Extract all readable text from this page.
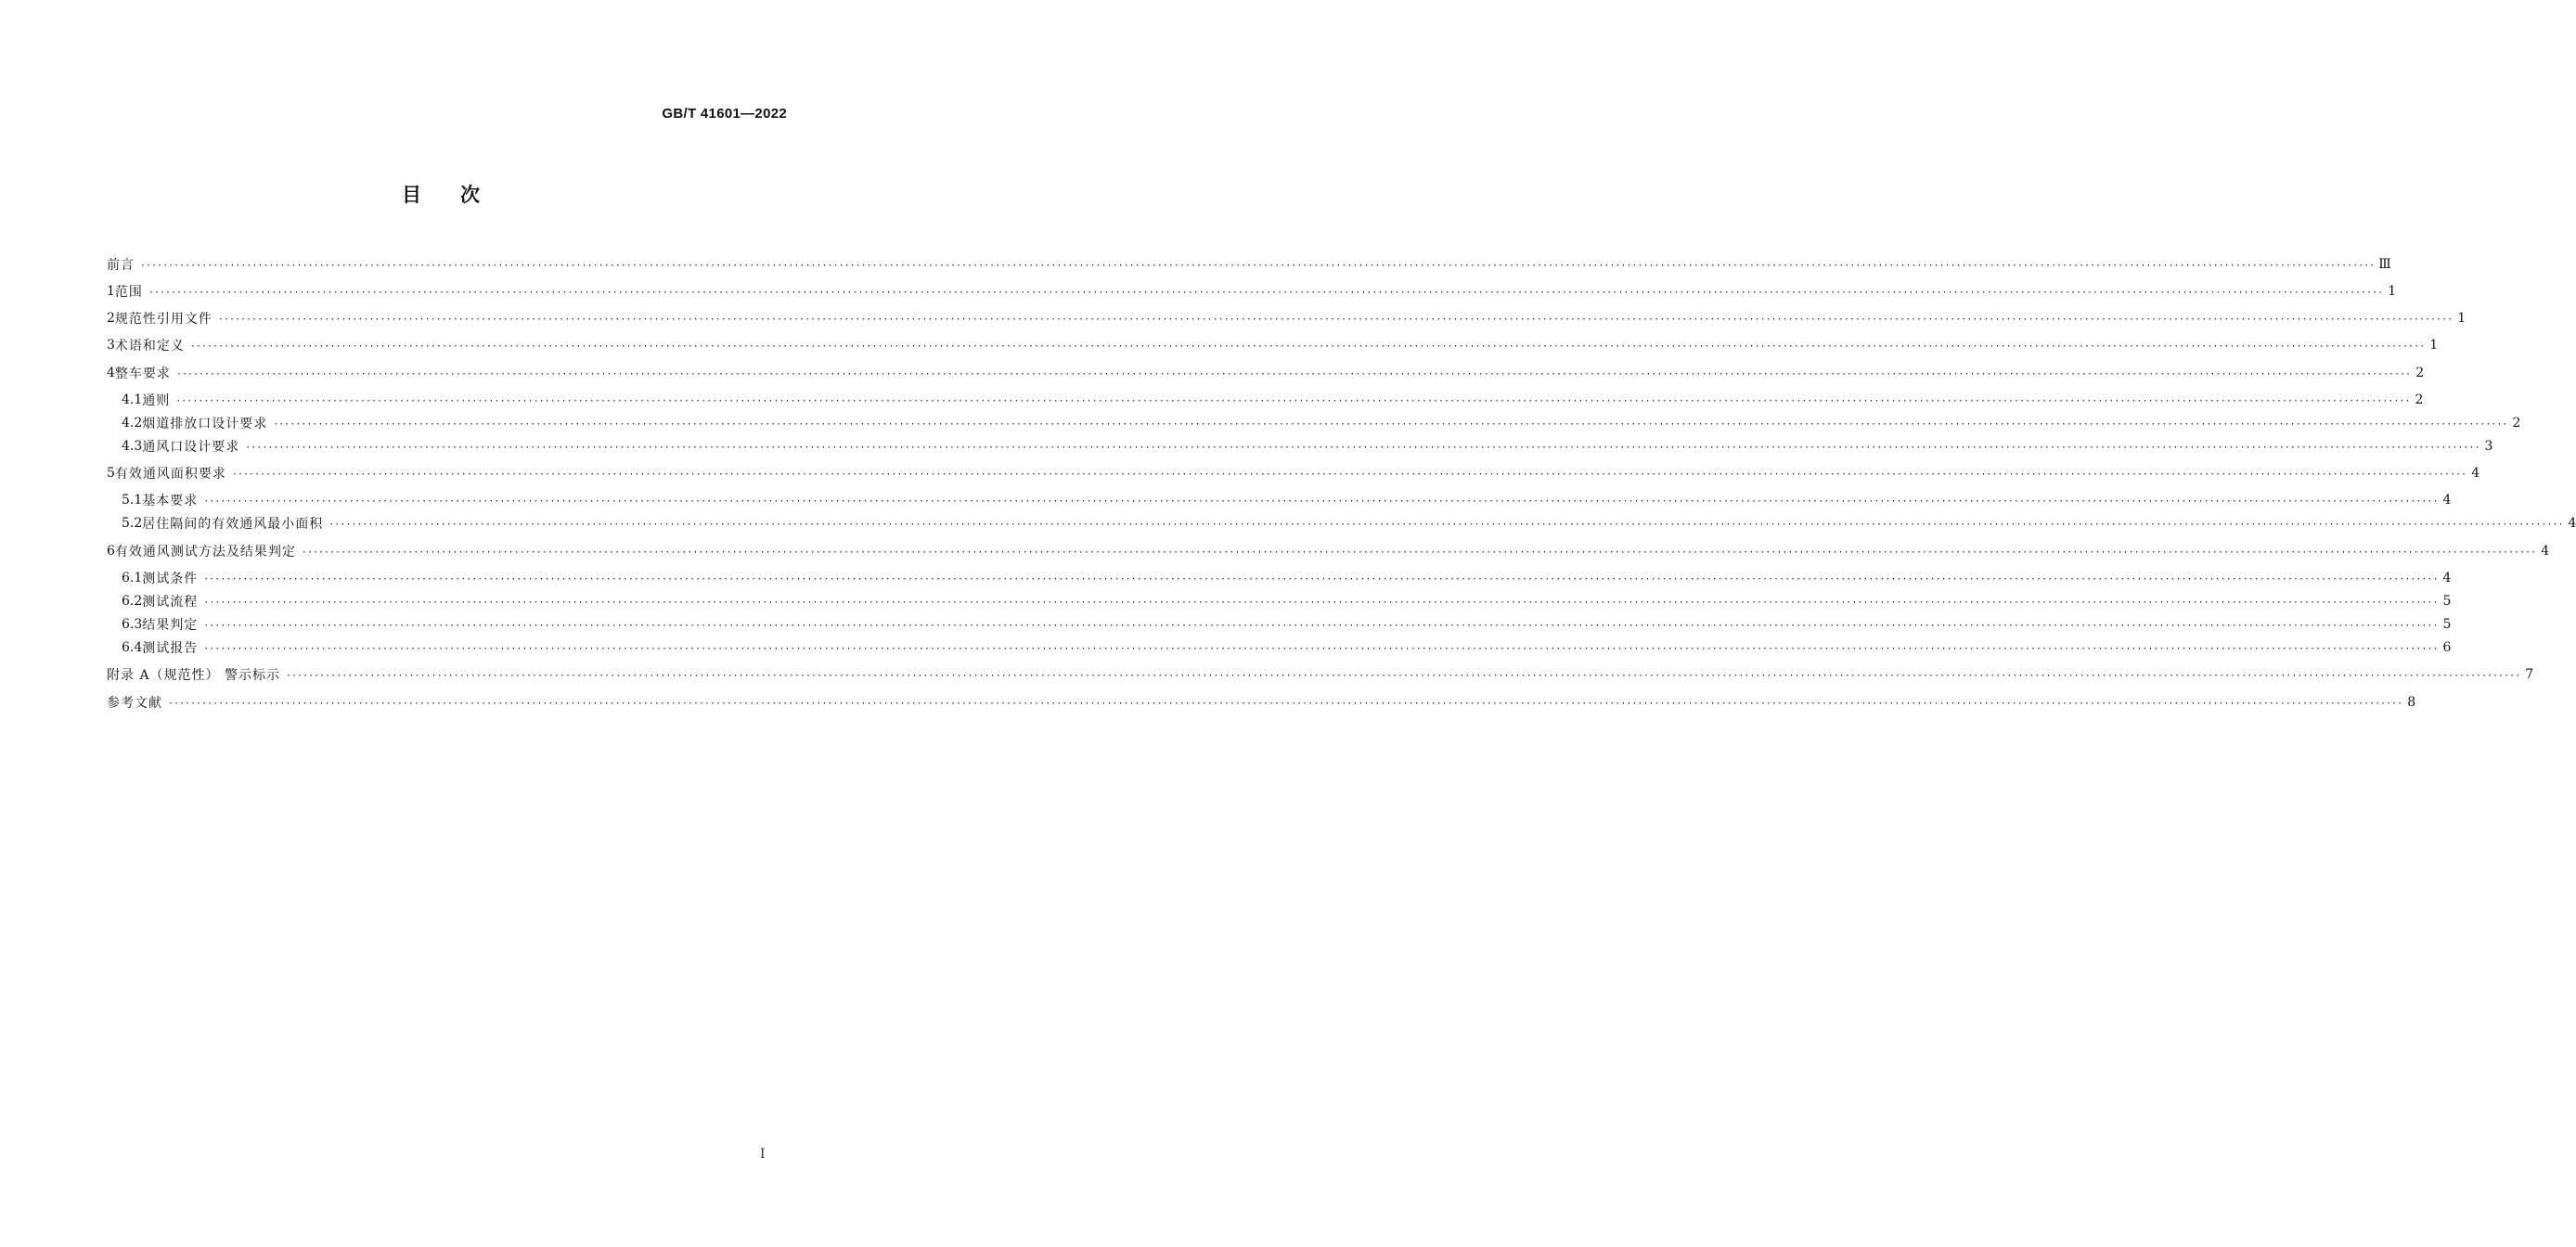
GB/T 41601—2022
目次
前言 ················································································································································································································································································································································································································ Ⅲ
1 范围 ················································································································································································································································································································································································································ 1
2 规范性引用文件 ················································································································································································································································································································································································································ 1
3 术语和定义 ················································································································································································································································································································································································································ 1
4 整车要求 ················································································································································································································································································································································································································ 2
4.1 通则 ················································································································································································································································································································································································································ 2
4.2 烟道排放口设计要求 ················································································································································································································································································································································································································ 2
4.3 通风口设计要求 ················································································································································································································································································································································································································ 3
5 有效通风面积要求 ················································································································································································································································································································································································································ 4
5.1 基本要求 ················································································································································································································································································································································································································ 4
5.2 居住隔间的有效通风最小面积 ················································································································································································································································································································································································································ 4
6 有效通风测试方法及结果判定 ················································································································································································································································································································································································································ 4
6.1 测试条件 ················································································································································································································································································································································································································ 4
6.2 测试流程 ················································································································································································································································································································································································································ 5
6.3 结果判定 ················································································································································································································································································································································································································ 5
6.4 测试报告 ················································································································································································································································································································································································································ 6
附录 A（规范性） 警示标示 ················································································································································································································································································································································································································ 7
参考文献 ················································································································································································································································································································································································································ 8
I
